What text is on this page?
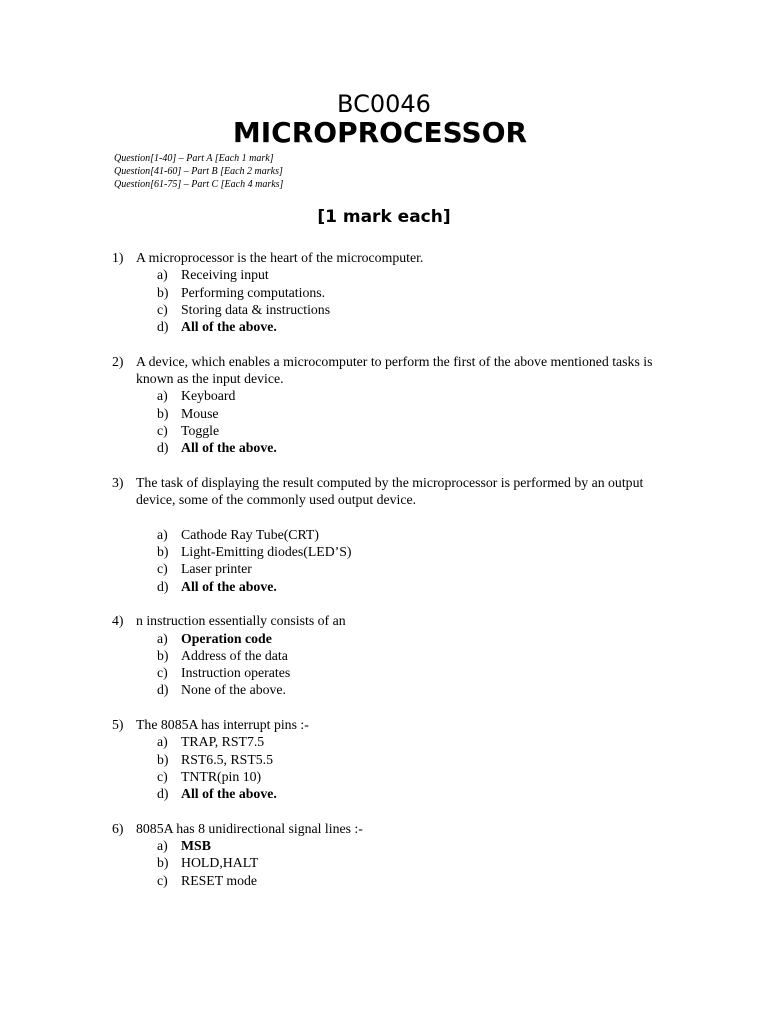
BC0046
MICROPROCESSOR
Question[1-40] – Part A [Each 1 mark]
Question[41-60] – Part B [Each 2 marks]
Question[61-75] – Part C [Each 4 marks]
[1 mark each]
1) A microprocessor is the heart of the microcomputer.
a) Receiving input
b) Performing computations.
c) Storing data & instructions
d) All of the above.
2) A device, which enables a microcomputer to perform the first of the above mentioned tasks is known as the input device.
a) Keyboard
b) Mouse
c) Toggle
d) All of the above.
3) The task of displaying the result computed by the microprocessor is performed by an output device, some of the commonly used output device.
a) Cathode Ray Tube(CRT)
b) Light-Emitting diodes(LED’S)
c) Laser printer
d) All of the above.
4) n instruction essentially consists of an
a) Operation code
b) Address of the data
c) Instruction operates
d) None of the above.
5) The 8085A has interrupt pins :-
a) TRAP, RST7.5
b) RST6.5, RST5.5
c) TNTR(pin 10)
d) All of the above.
6) 8085A has 8 unidirectional signal lines :-
a) MSB
b) HOLD,HALT
c) RESET mode
